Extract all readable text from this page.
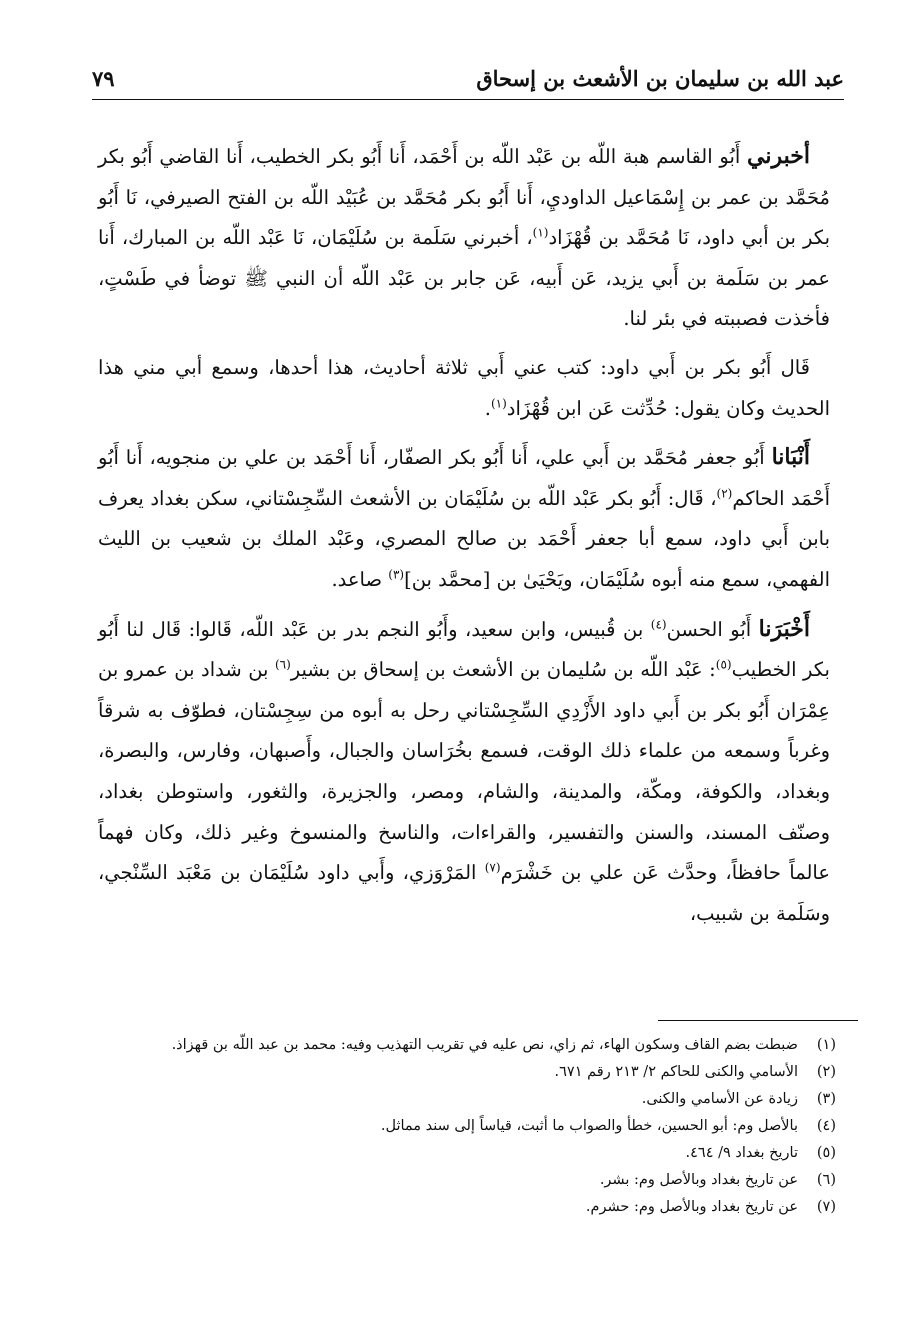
عبد الله بن سليمان بن الأشعث بن إسحاق
٧٩

أخبرني أَبُو القاسم هبة اللّه بن عَبْد اللّه بن أَحْمَد، أَنا أَبُو بكر الخطيب، أَنا القاضي أَبُو بكر مُحَمَّد بن عمر بن إِسْمَاعيل الداوديِ، أَنا أَبُو بكر مُحَمَّد بن عُبَيْد اللّه بن الفتح الصيرفي، نَا أَبُو بكر بن أبي داود، نَا مُحَمَّد بن قُهْزَاد$^{(١)}$، أخبرني سَلَمة بن سُلَيْمَان، نَا عَبْد اللّه بن المبارك، أَنا عمر بن سَلَمة بن أَبي يزيد، عَن أَبيه، عَن جابر بن عَبْد اللّه أن النبي ﷺ توضأ في طَسْتٍ، فأخذت فصببته في بئر لنا.

قَال أَبُو بكر بن أَبي داود: كتب عني أَبي ثلاثة أحاديث، هذا أحدها، وسمع أبي مني هذا الحديث وكان يقول: حُدِّثت عَن ابن قُهْزَاد$^{(١)}$.

أَنْبَانا أَبُو جعفر مُحَمَّد بن أَبي علي، أَنا أَبُو بكر الصفّار، أَنا أَحْمَد بن علي بن منجويه، أَنا أَبُو أَحْمَد الحاكم$^{(٢)}$، قَال: أَبُو بكر عَبْد اللّه بن سُلَيْمَان بن الأشعث السِّجِسْتاني، سكن بغداد يعرف بابن أَبي داود، سمع أبا جعفر أَحْمَد بن صالح المصري، وعَبْد الملك بن شعيب بن الليث الفهمي، سمع منه أبوه سُلَيْمَان، ويَحْيَىٰ بن [محمَّد بن]$^{(٣)}$ صاعد.

أَخْبَرَنا أَبُو الحسن$^{(٤)}$ بن قُبيس، وابن سعيد، وأَبُو النجم بدر بن عَبْد اللّه، قَالوا: قَال لنا أَبُو بكر الخطيب$^{(٥)}$: عَبْد اللّه بن سُليمان بن الأشعث بن إسحاق بن بشير$^{(٦)}$ بن شداد بن عمرو بن عِمْرَان أَبُو بكر بن أَبي داود الأَزْدِي السِّجِسْتاني رحل به أبوه من سِجِسْتان، فطوّف به شرقاً وغرباً وسمعه من علماء ذلك الوقت، فسمع بخُرَاسان والجبال، وأَصبهان، وفارس، والبصرة، وبغداد، والكوفة، ومكّة، والمدينة، والشام، ومصر، والجزيرة، والثغور، واستوطن بغداد، وصنّف المسند، والسنن والتفسير، والقراءات، والناسخ والمنسوخ وغير ذلك، وكان فهماً عالماً حافظاً، وحدَّث عَن علي بن خَشْرَم$^{(٧)}$ المَرْوَزي، وأَبي داود سُلَيْمَان بن مَعْبَد السِّنْجي، وسَلَمة بن شبيب،

(١)
ضبطت بضم القاف وسكون الهاء، ثم زاي، نص عليه في تقريب التهذيب وفيه: محمد بن عبد اللّه بن قهزاذ.
(٢)
الأسامي والكنى للحاكم ٢/ ٢١٣ رقم ٦٧١.
(٣)
زيادة عن الأسامي والكنى.
(٤)
بالأصل وم: أبو الحسين، خطأ والصواب ما أثبت، قياساً إلى سند مماثل.
(٥)
تاريخ بغداد ٩/ ٤٦٤.
(٦)
عن تاريخ بغداد وبالأصل وم: بشر.
(٧)
عن تاريخ بغداد وبالأصل وم: حشرم.
